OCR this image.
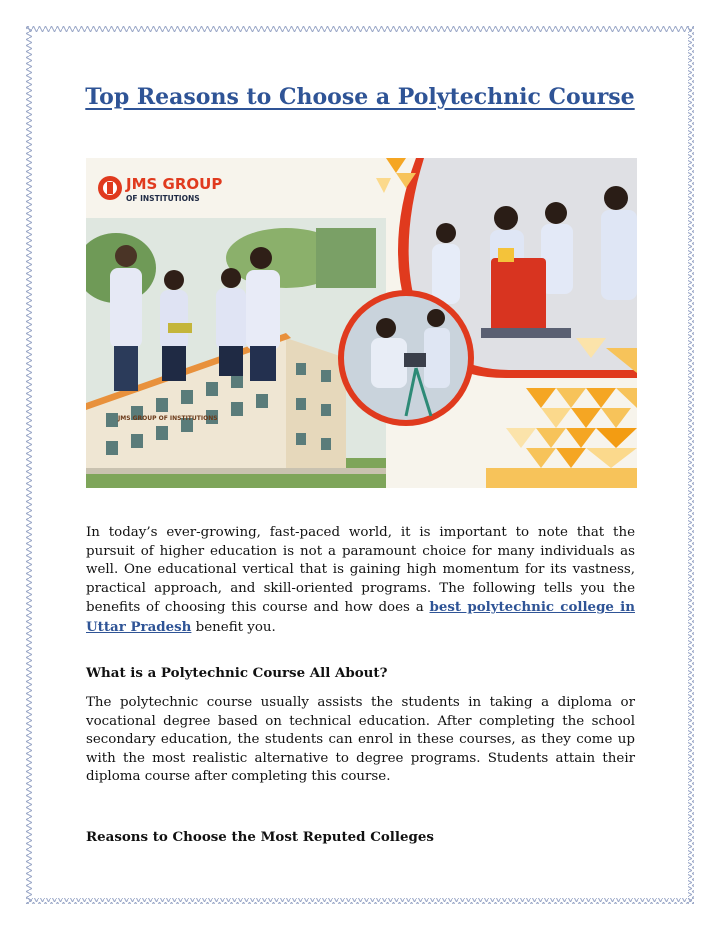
Top Reasons to Choose a Polytechnic Course
JMS GROUP OF INSTITUTIONS
JMS GROUP
OF INSTITUTIONS

In today’s ever-growing, fast-paced world, it is important to note that the pursuit of higher education is not a paramount choice for many individuals as well. One educational vertical that is gaining high momentum for its vastness, practical approach, and skill-oriented programs. The following tells you the benefits of choosing this course and how does a best polytechnic college in Uttar Pradesh benefit you.

What is a Polytechnic Course All About?

The polytechnic course usually assists the students in taking a diploma or vocational degree based on technical education. After completing the school secondary education, the students can enrol in these courses, as they come up with the most realistic alternative to degree programs. Students attain their diploma course after completing this course.

Reasons to Choose the Most Reputed Colleges
